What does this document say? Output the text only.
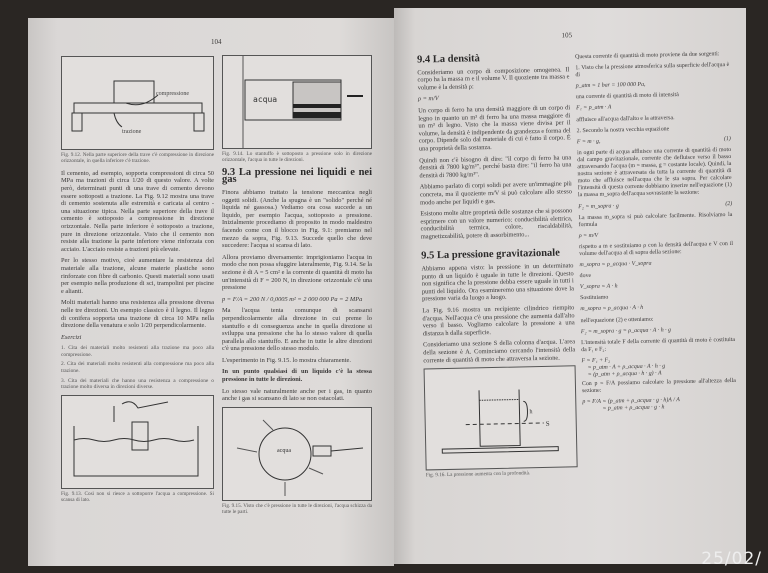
104
compressione
trazione
Fig. 9.12. Nella parte superiore della trave c'è compressione in direzione orizzontale, in quella inferiore c'è trazione.

Il cemento, ad esempio, sopporta compressioni di circa 50 MPa ma trazioni di circa 1/20 di questo valore. A volte però, determinati punti di una trave di cemento devono essere sottoposti a trazione. La Fig. 9.12 mostra una trave di cemento sostenuta alle estremità e caricata al centro - una situazione tipica. Nella parte superiore della trave il cemento è sottoposto a compressione in direzione orizzontale. Nella parte inferiore è sottoposto a trazione, pure in direzione orizzontale. Visto che il cemento non resiste alla trazione la parte inferiore viene rinforzata con acciaio. L'acciaio resiste a trazioni più elevate.

Per lo stesso motivo, cioè aumentare la resistenza del materiale alla trazione, alcune materie plastiche sono rinforzate con fibre di carbonio. Questi materiali sono usati per esempio nella produzione di sci, trampolini per piscine e alianti.

Molti materiali hanno una resistenza alla pressione diversa nelle tre direzioni. Un esempio classico è il legno. Il legno di conifera sopporta una trazione di circa 10 MPa nella direzione della venatura e solo 1/20 perpendicolarmente.

Esercizi

1. Cita dei materiali molto resistenti alla trazione ma poco alla compressione.
2. Cita dei materiali molto resistenti alla compressione ma poco alla trazione.
3. Cita dei materiali che hanno una resistenza a compressione o trazione molto diversa in direzioni diverse.
Fig. 9.13. Così non si riesce a sottoporre l'acqua a compressione. Si scansa di lato.
acqua
Fig. 9.14. Lo stantuffo è sottoposto a pressione solo in direzione orizzontale, l'acqua in tutte le direzioni.
9.3 La pressione nei liquidi e nei gas

Finora abbiamo trattato la tensione meccanica negli oggetti solidi. (Anche la spugna è un "solido" perché né liquida né gassosa.) Vediamo ora cosa succede a un liquido, per esempio l'acqua, sottoposto a pressione. Inizialmente procediamo di proposito in modo maldestro facendo come con il blocco in Fig. 9.1: premiamo nel mezzo da sopra, Fig. 9.13. Succede quello che deve succedere: l'acqua si scansa di lato.

Allora proviamo diversamente: imprigioniamo l'acqua in modo che non possa sfuggire lateralmente, Fig. 9.14. Se la sezione è di A = 5 cm² e la corrente di quantità di moto ha un'intensità di F = 200 N, in direzione orizzontale c'è una pressione

p = F/A = 200 N / 0,0005 m² = 2 000 000 Pa = 2 MPa

Ma l'acqua tenta comunque di scansarsi perpendicolarmente alla direzione in cui preme lo stantuffo e di conseguenza anche in quella direzione si sviluppa una pressione che ha lo stesso valore di quella parallela allo stantuffo. E anche in tutte le altre direzioni c'è una pressione dello stesso modulo.

L'esperimento in Fig. 9.15. lo mostra chiaramente.

In un punto qualsiasi di un liquido c'è la stessa pressione in tutte le direzioni.

Lo stesso vale naturalmente anche per i gas, in quanto anche i gas si scansano di lato se non ostacolati.

acqua
Fig. 9.15. Visto che c'è pressione in tutte le direzioni, l'acqua schizza da tutte le parti.
105
9.4 La densità

Consideriamo un corpo di composizione omogenea. Il corpo ha la massa m e il volume V. Il quoziente tra massa e volume è la densità ρ:

ρ = m/V

Un corpo di ferro ha una densità maggiore di un corpo di legno in quanto un m³ di ferro ha una massa maggiore di un m³ di legno. Visto che la massa viene divisa per il volume, la densità è indipendente da grandezza e forma del corpo. Dipende solo dal materiale di cui è fatto il corpo. È una proprietà della sostanza.

Quindi non c'è bisogno di dire: "il corpo di ferro ha una densità di 7800 kg/m³", perché basta dire: "il ferro ha una densità di 7800 kg/m³".

Abbiamo parlato di corpi solidi per avere un'immagine più concreta, ma il quoziente m/V si può calcolare allo stesso modo anche per liquidi e gas.

Esistono molte altre proprietà delle sostanze che si possono esprimere con un valore numerico: conducibilità elettrica, conducibilità termica, colore, riscaldabilità, magnetizzabilità, potere di assorbimento...

9.5 La pressione gravitazionale

Abbiamo appena visto: la pressione in un determinato punto di un liquido è uguale in tutte le direzioni. Questo non significa che la pressione debba essere uguale in tutti i punti del liquido. Ora esamineremo una situazione dove la pressione varia da luogo a luogo.

La Fig. 9.16 mostra un recipiente cilindrico riempito d'acqua. Nell'acqua c'è una pressione che aumenta dall'alto verso il basso. Vogliamo calcolare la pressione a una distanza h dalla superficie.

Consideriamo una sezione S della colonna d'acqua. L'area della sezione è A. Cominciamo cercando l'intensità della corrente di quantità di moto che attraversa la sezione.

h
S
Fig. 9.16. La pressione aumenta con la profondità.

Questa corrente di quantità di moto proviene da due sorgenti:

1. Visto che la pressione atmosferica sulla superficie dell'acqua è di

p_atm = 1 bar = 100 000 Pa,

una corrente di quantità di moto di intensità

F₁ = p_atm · A

affluisce all'acqua dall'alto e la attraversa.

2. Secondo la nostra vecchia equazione

F = m · g,	(1)

in ogni parte di acqua affluisce una corrente di quantità di moto dal campo gravitazionale, corrente che defluisce verso il basso attraversando l'acqua (m = massa, g = costante locale). Quindi, la nostra sezione è attraversata da tutta la corrente di quantità di moto che affluisce nell'acqua che le sta sopra. Per calcolare l'intensità di questa corrente dobbiamo inserire nell'equazione (1) la massa m_sopra dell'acqua sovrastante la sezione:

F₂ = m_sopra · g	(2)

La massa m_sopra si può calcolare facilmente. Risolviamo la formula

ρ = m/V

rispetto a m e sostituiamo ρ con la densità dell'acqua e V con il volume dell'acqua al di sopra della sezione:

m_sopra = ρ_acqua · V_sopra

dove

V_sopra = A · h

Sostituiamo

m_sopra = ρ_acqua · A · h

nell'equazione (2) e otteniamo:

F₂ = m_sopra · g = ρ_acqua · A · h · g

L'intensità totale F della corrente di quantità di moto è costituita da F₁ e F₂:

F = F₁ + F₂

= p_atm · A + ρ_acqua · A · h · g

= (p_atm + ρ_acqua · h · g) · A

Con p = F/A possiamo calcolare la pressione all'altezza della sezione:

p = F/A = (p_atm + ρ_acqua · g · h)A / A

= p_atm + ρ_acqua · g · h

25/02/
